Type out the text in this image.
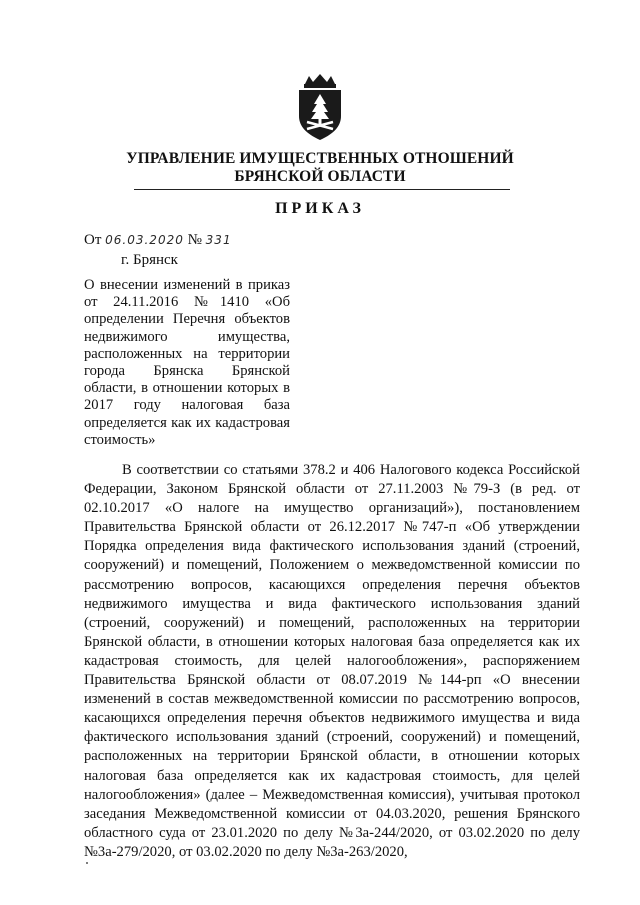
УПРАВЛЕНИЕ ИМУЩЕСТВЕННЫХ ОТНОШЕНИЙ
БРЯНСКОЙ ОБЛАСТИ
ПРИКАЗ
От 06.03.2020 № 331
г. Брянск
О внесении изменений в приказ от 24.11.2016 №1410 «Об определении Перечня объектов недвижимого имущества, расположенных на территории города Брянска Брянской области, в отношении которых в 2017 году налоговая база определяется как их кадастровая стоимость»
В соответствии со статьями 378.2 и 406 Налогового кодекса Российской Федерации, Законом Брянской области от 27.11.2003 №79-З (в ред. от 02.10.2017 «О налоге на имущество организаций»), постановлением Правительства Брянской области от 26.12.2017 №747-п «Об утверждении Порядка определения вида фактического использования зданий (строений, сооружений) и помещений, Положением о межведомственной комиссии по рассмотрению вопросов, касающихся определения перечня объектов недвижимого имущества и вида фактического использования зданий (строений, сооружений) и помещений, расположенных на территории Брянской области, в отношении которых налоговая база определяется как их кадастровая стоимость, для целей налогообложения», распоряжением Правительства Брянской области от 08.07.2019 №144-рп «О внесении изменений в состав межведомственной комиссии по рассмотрению вопросов, касающихся определения перечня объектов недвижимого имущества и вида фактического использования зданий (строений, сооружений) и помещений, расположенных на территории Брянской области, в отношении которых налоговая база определяется как их кадастровая стоимость, для целей налогообложения» (далее – Межведомственная комиссия), учитывая протокол заседания Межведомственной комиссии от 04.03.2020, решения Брянского областного суда от 23.01.2020 по делу №3а-244/2020, от 03.02.2020 по делу №3а-279/2020, от 03.02.2020 по делу №3а-263/2020,
